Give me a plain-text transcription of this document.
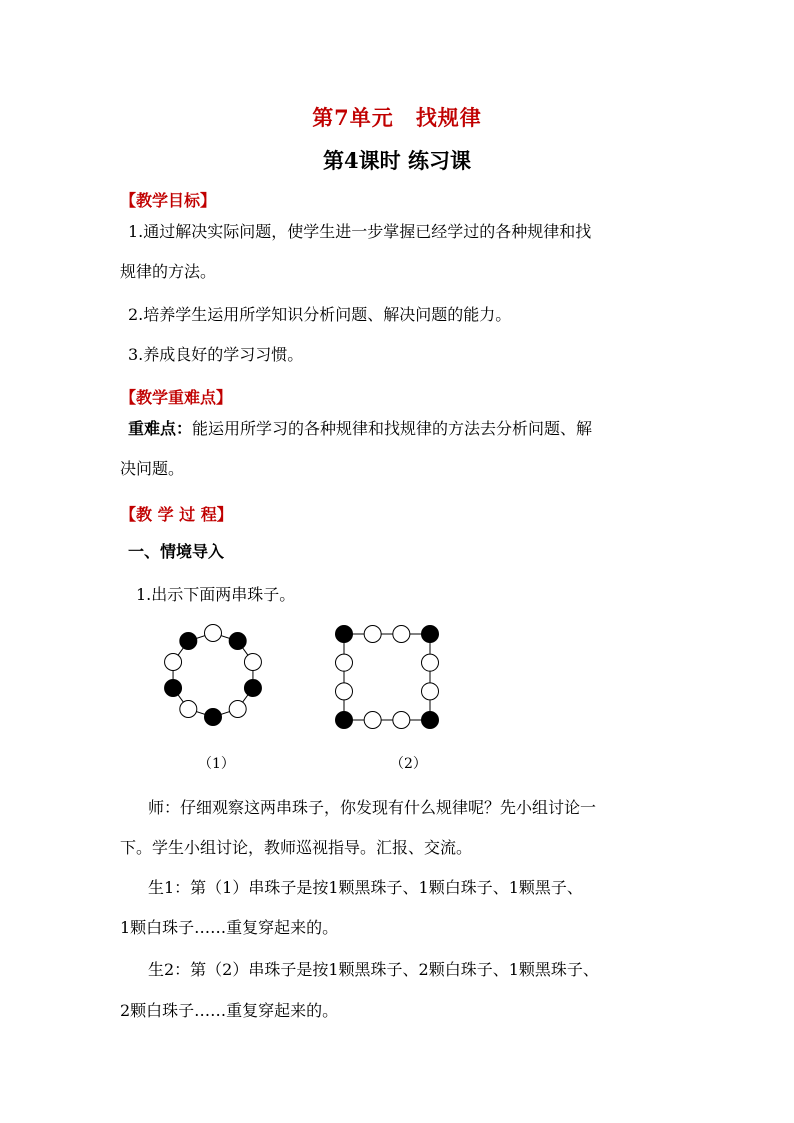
第7单元 找规律
第4课时 练习课
【教学目标】
1.通过解决实际问题，使学生进一步掌握已经学过的各种规律和找
规律的方法。
2.培养学生运用所学知识分析问题、解决问题的能力。
3.养成良好的学习习惯。
【教学重难点】
重难点：能运用所学习的各种规律和找规律的方法去分析问题、解
决问题。
【教 学 过 程】
一、情境导入
1.出示下面两串珠子。
（1）	（2）
师：仔细观察这两串珠子，你发现有什么规律呢？先小组讨论一
下。学生小组讨论，教师巡视指导。汇报、交流。
生1：第（1）串珠子是按1颗黑珠子、1颗白珠子、1颗黑子、
1颗白珠子……重复穿起来的。
生2：第（2）串珠子是按1颗黑珠子、2颗白珠子、1颗黑珠子、
2颗白珠子……重复穿起来的。
